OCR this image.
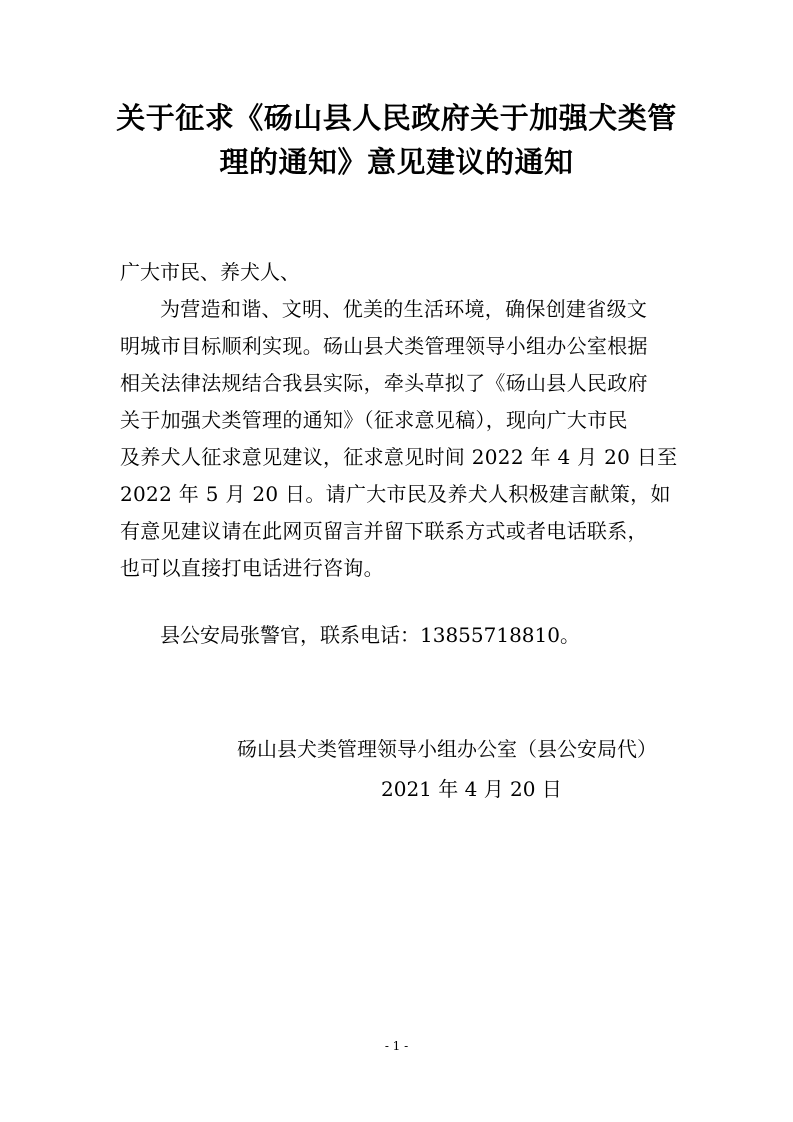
关于征求《砀山县人民政府关于加强犬类管
理的通知》意见建议的通知
广大市民、养犬人、
为营造和谐、文明、优美的生活环境，确保创建省级文
明城市目标顺利实现。砀山县犬类管理领导小组办公室根据
相关法律法规结合我县实际，牵头草拟了《砀山县人民政府
关于加强犬类管理的通知》（征求意见稿），现向广大市民
及养犬人征求意见建议，征求意见时间 2022 年 4 月 20 日至
2022 年 5 月 20 日。请广大市民及养犬人积极建言献策，如
有意见建议请在此网页留言并留下联系方式或者电话联系，
也可以直接打电话进行咨询。
县公安局张警官，联系电话：13855718810。
砀山县犬类管理领导小组办公室（县公安局代）
2021 年 4 月 20 日
- 1 -
